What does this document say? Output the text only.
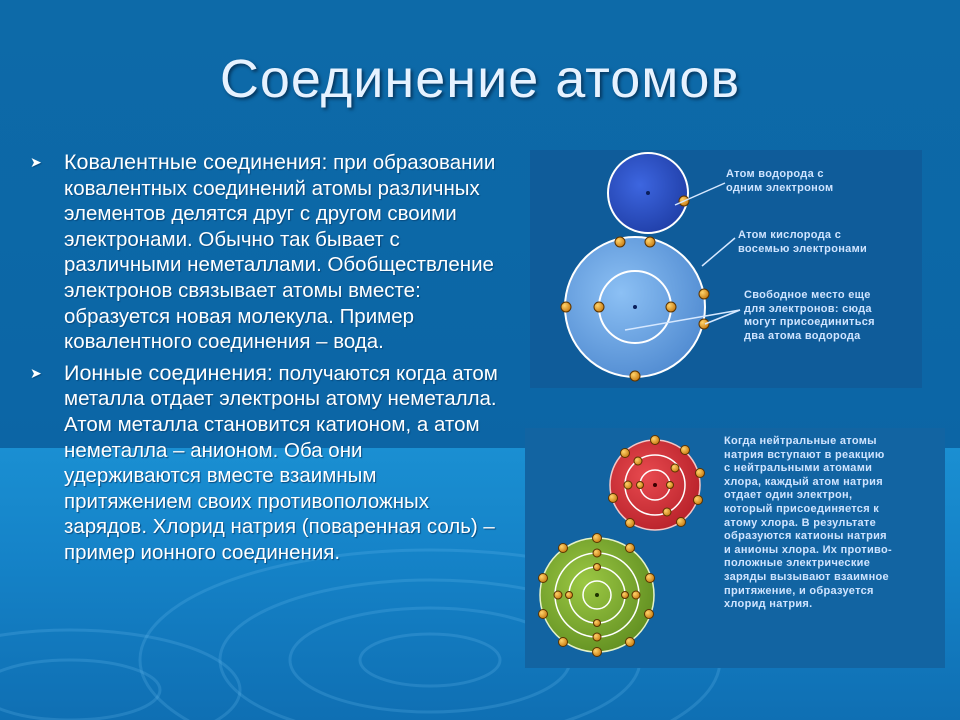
Соединение атомов

➤ Ковалентные соединения: при образовании ковалентных соединений атомы различных элементов делятся друг с другом своими электронами. Обычно так бывает с различными неметаллами. Обобществление электронов связывает атомы вместе: образуется новая молекула. Пример ковалентного соединения – вода.

➤ Ионные соединения: получаются когда атом металла отдает электроны атому неметалла. Атом металла становится катионом, а атом неметалла – анионом. Оба они удерживаются вместе взаимным притяжением своих противоположных зарядов. Хлорид натрия (поваренная соль) – пример ионного соединения.

Атом водорода с
одним электроном
Атом кислорода с
восемью электронами
Свободное место еще
для электронов: сюда
могут присоединиться
два атома водорода
Когда нейтральные атомы
натрия вступают в реакцию
с нейтральными атомами
хлора, каждый атом натрия
отдает один электрон,
который присоединяется к
атому хлора. В результате
образуются катионы натрия
и анионы хлора. Их противо-
положные электрические
заряды вызывают взаимное
притяжение, и образуется
хлорид натрия.
